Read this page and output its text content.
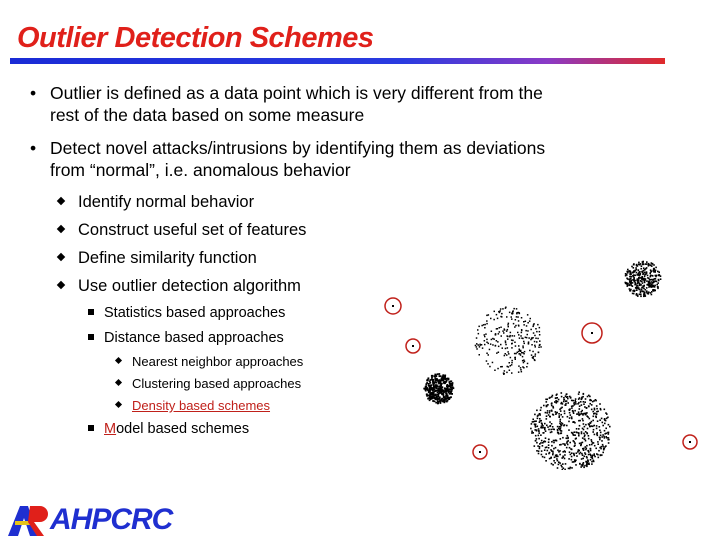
Outlier Detection Schemes
• Outlier is defined as a data point which is very different from the
rest of the data based on some measure
• Detect novel attacks/intrusions by identifying them as deviations
from “normal”, i.e. anomalous behavior
Identify normal behavior
Construct useful set of features
Define similarity function
Use outlier detection algorithm
Statistics based approaches
Distance based approaches
Nearest neighbor approaches
Clustering based approaches
Density based schemes
Model based schemes
AHPCRC
